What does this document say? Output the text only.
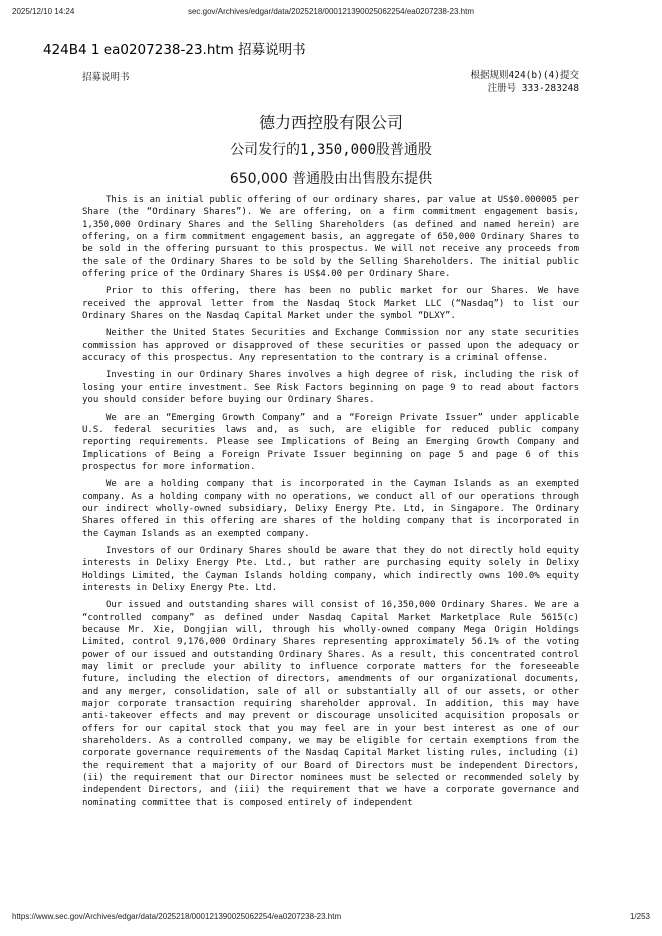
2025/12/10 14:24	sec.gov/Archives/edgar/data/2025218/000121390025062254/ea0207238-23.htm
424B4 1 ea0207238-23.htm 招募说明书
招募说明书	根据规则424(b)(4)提交
注册号 333-283248
德力西控股有限公司
公司发行的1,350,000股普通股
650,000 普通股由出售股东提供

This is an initial public offering of our ordinary shares, par value at US$0.000005 per Share (the “Ordinary Shares”). We are offering, on a firm commitment engagement basis, 1,350,000 Ordinary Shares and the Selling Shareholders (as defined and named herein) are offering, on a firm commitment engagement basis, an aggregate of 650,000 Ordinary Shares to be sold in the offering pursuant to this prospectus. We will not receive any proceeds from the sale of the Ordinary Shares to be sold by the Selling Shareholders. The initial public offering price of the Ordinary Shares is US$4.00 per Ordinary Share.

Prior to this offering, there has been no public market for our Shares. We have received the approval letter from the Nasdaq Stock Market LLC (“Nasdaq”) to list our Ordinary Shares on the Nasdaq Capital Market under the symbol “DLXY”.

Neither the United States Securities and Exchange Commission nor any state securities commission has approved or disapproved of these securities or passed upon the adequacy or accuracy of this prospectus. Any representation to the contrary is a criminal offense.

Investing in our Ordinary Shares involves a high degree of risk, including the risk of losing your entire investment. See Risk Factors beginning on page 9 to read about factors you should consider before buying our Ordinary Shares.

We are an “Emerging Growth Company” and a “Foreign Private Issuer” under applicable U.S. federal securities laws and, as such, are eligible for reduced public company reporting requirements. Please see Implications of Being an Emerging Growth Company and Implications of Being a Foreign Private Issuer beginning on page 5 and page 6 of this prospectus for more information.

We are a holding company that is incorporated in the Cayman Islands as an exempted company. As a holding company with no operations, we conduct all of our operations through our indirect wholly-owned subsidiary, Delixy Energy Pte. Ltd, in Singapore. The Ordinary Shares offered in this offering are shares of the holding company that is incorporated in the Cayman Islands as an exempted company.

Investors of our Ordinary Shares should be aware that they do not directly hold equity interests in Delixy Energy Pte. Ltd., but rather are purchasing equity solely in Delixy Holdings Limited, the Cayman Islands holding company, which indirectly owns 100.0% equity interests in Delixy Energy Pte. Ltd.

Our issued and outstanding shares will consist of 16,350,000 Ordinary Shares. We are a “controlled company” as defined under Nasdaq Capital Market Marketplace Rule 5615(c) because Mr. Xie, Dongjian will, through his wholly-owned company Mega Origin Holdings Limited, control 9,176,000 Ordinary Shares representing approximately 56.1% of the voting power of our issued and outstanding Ordinary Shares. As a result, this concentrated control may limit or preclude your ability to influence corporate matters for the foreseeable future, including the election of directors, amendments of our organizational documents, and any merger, consolidation, sale of all or substantially all of our assets, or other major corporate transaction requiring shareholder approval. In addition, this may have anti-takeover effects and may prevent or discourage unsolicited acquisition proposals or offers for our capital stock that you may feel are in your best interest as one of our shareholders. As a controlled company, we may be eligible for certain exemptions from the corporate governance requirements of the Nasdaq Capital Market listing rules, including (i) the requirement that a majority of our Board of Directors must be independent Directors, (ii) the requirement that our Director nominees must be selected or recommended solely by independent Directors, and (iii) the requirement that we have a corporate governance and nominating committee that is composed entirely of independent

https://www.sec.gov/Archives/edgar/data/2025218/000121390025062254/ea0207238-23.htm	1/253
